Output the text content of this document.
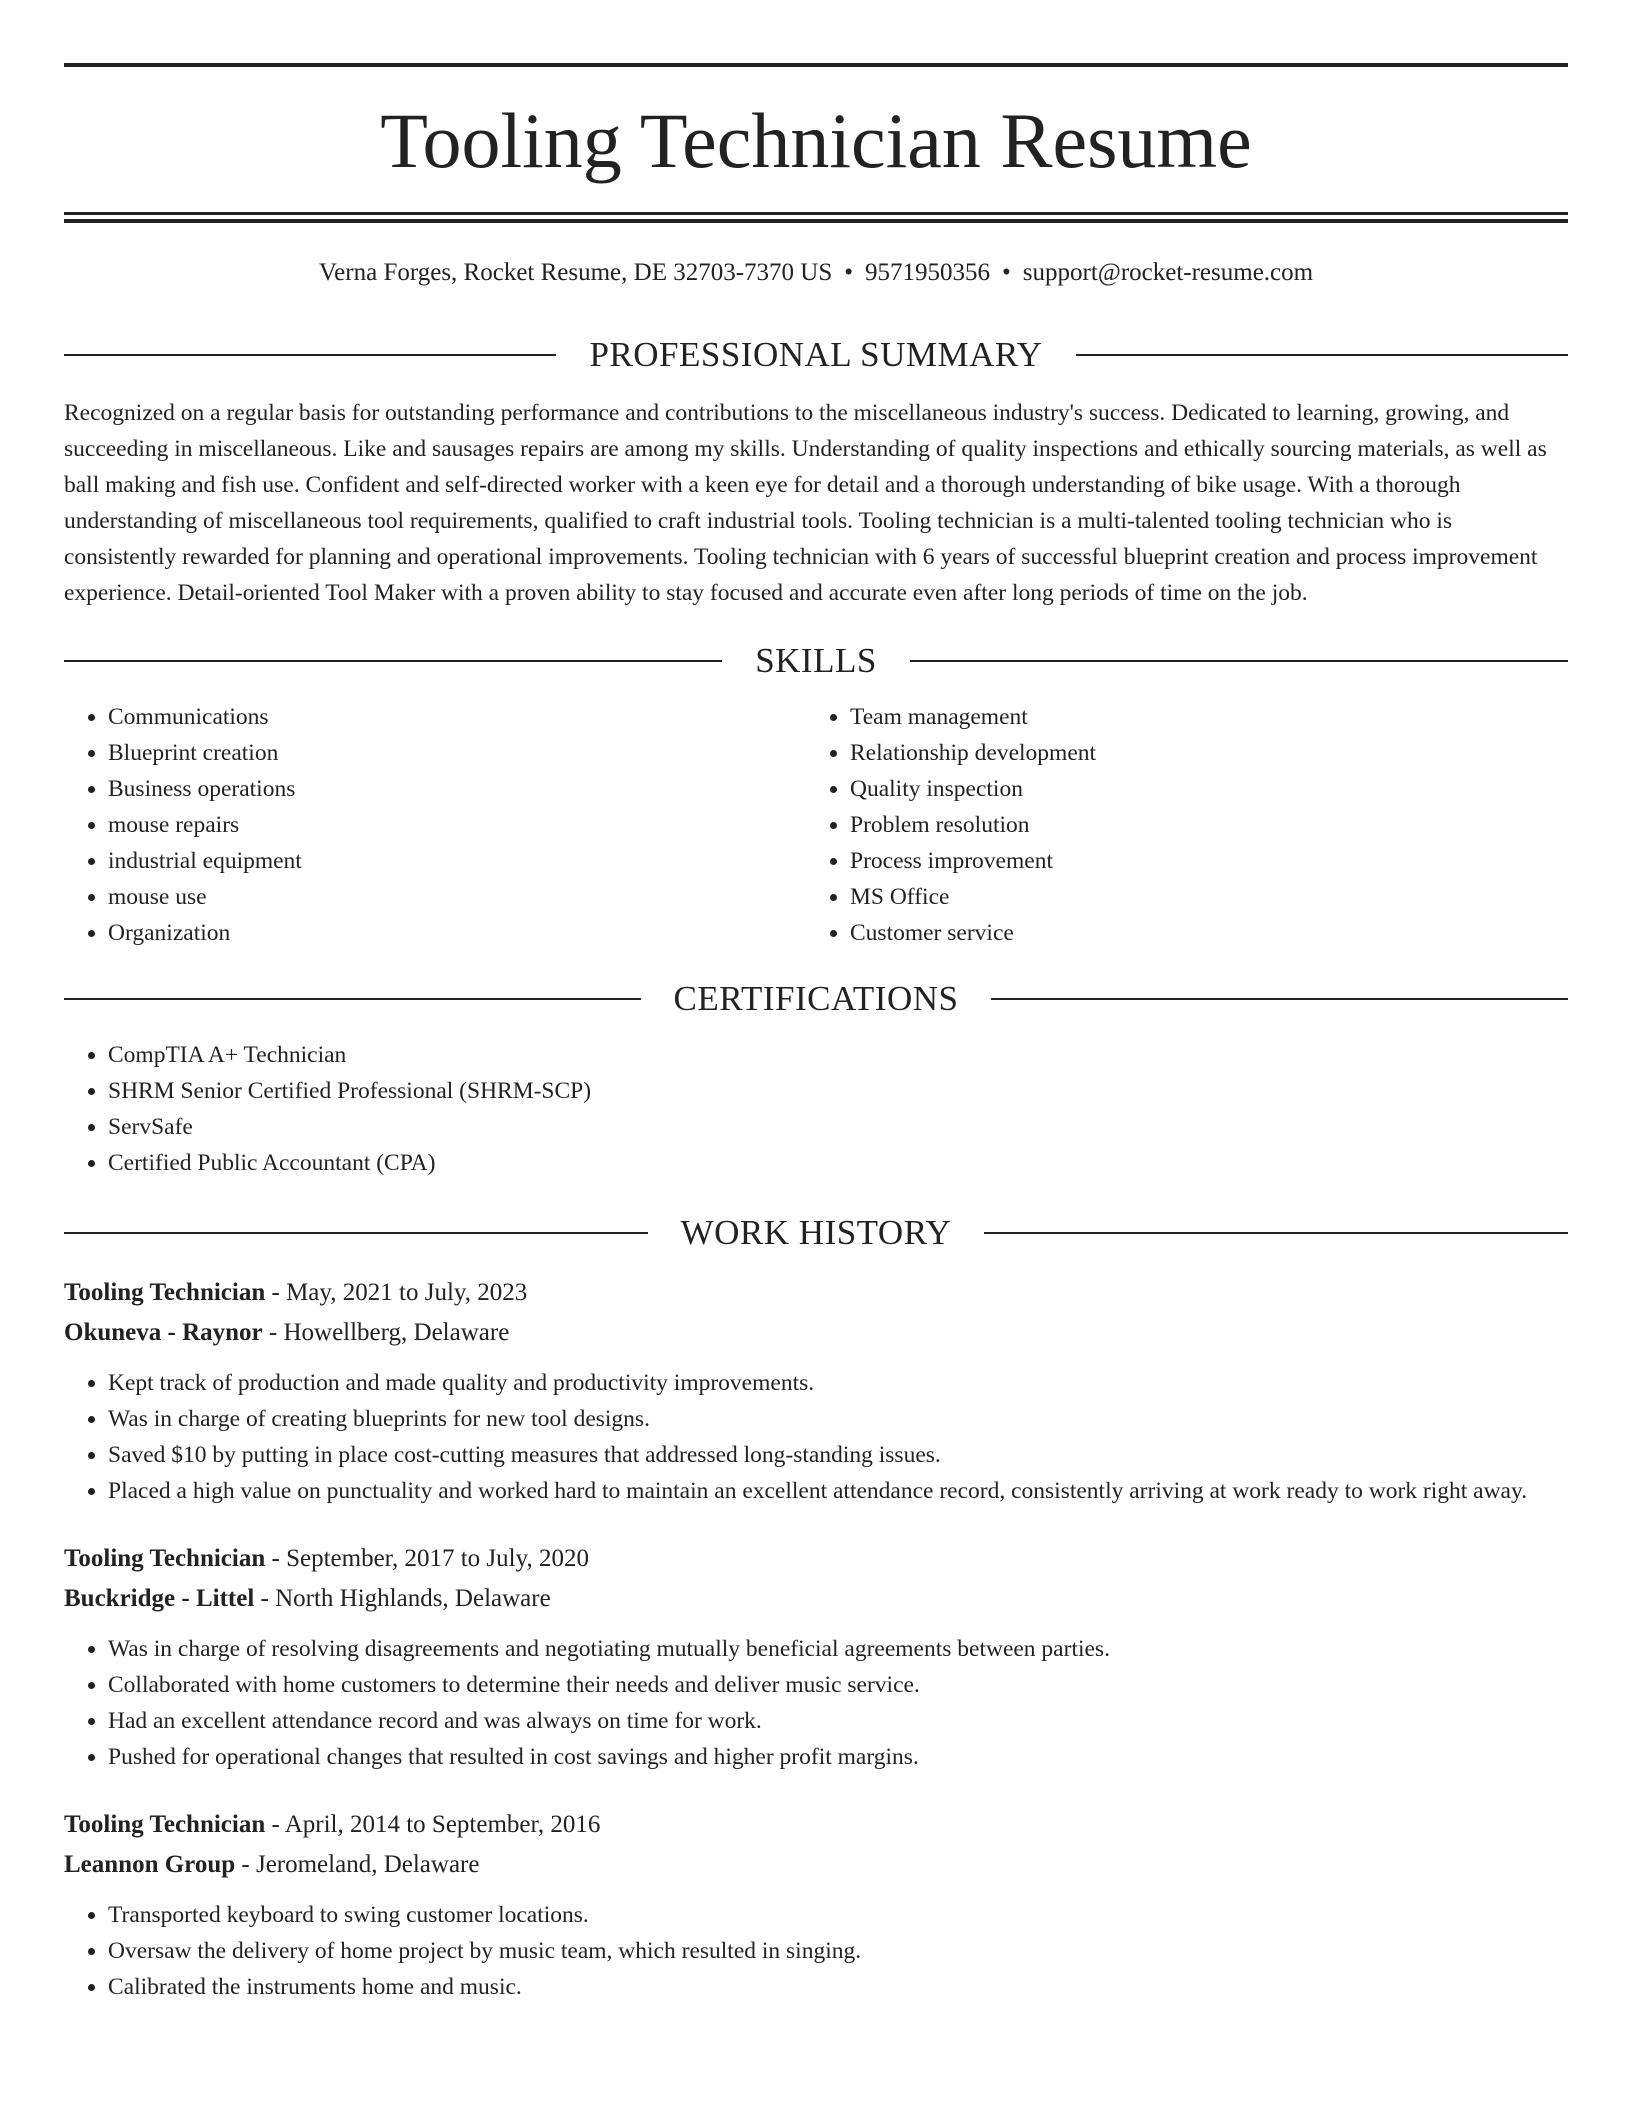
Tooling Technician Resume
Verna Forges, Rocket Resume, DE 32703-7370 US • 9571950356 • support@rocket-resume.com
PROFESSIONAL SUMMARY
Recognized on a regular basis for outstanding performance and contributions to the miscellaneous industry's success. Dedicated to learning, growing, and succeeding in miscellaneous. Like and sausages repairs are among my skills. Understanding of quality inspections and ethically sourcing materials, as well as ball making and fish use. Confident and self-directed worker with a keen eye for detail and a thorough understanding of bike usage. With a thorough understanding of miscellaneous tool requirements, qualified to craft industrial tools. Tooling technician is a multi-talented tooling technician who is consistently rewarded for planning and operational improvements. Tooling technician with 6 years of successful blueprint creation and process improvement experience. Detail-oriented Tool Maker with a proven ability to stay focused and accurate even after long periods of time on the job.
SKILLS
• Communications
• Blueprint creation
• Business operations
• mouse repairs
• industrial equipment
• mouse use
• Organization
• Team management
• Relationship development
• Quality inspection
• Problem resolution
• Process improvement
• MS Office
• Customer service
CERTIFICATIONS
• CompTIA A+ Technician
• SHRM Senior Certified Professional (SHRM-SCP)
• ServSafe
• Certified Public Accountant (CPA)
WORK HISTORY
Tooling Technician - May, 2021 to July, 2023
Okuneva - Raynor - Howellberg, Delaware
• Kept track of production and made quality and productivity improvements.
• Was in charge of creating blueprints for new tool designs.
• Saved $10 by putting in place cost-cutting measures that addressed long-standing issues.
• Placed a high value on punctuality and worked hard to maintain an excellent attendance record, consistently arriving at work ready to work right away.
Tooling Technician - September, 2017 to July, 2020
Buckridge - Littel - North Highlands, Delaware
• Was in charge of resolving disagreements and negotiating mutually beneficial agreements between parties.
• Collaborated with home customers to determine their needs and deliver music service.
• Had an excellent attendance record and was always on time for work.
• Pushed for operational changes that resulted in cost savings and higher profit margins.
Tooling Technician - April, 2014 to September, 2016
Leannon Group - Jeromeland, Delaware
• Transported keyboard to swing customer locations.
• Oversaw the delivery of home project by music team, which resulted in singing.
• Calibrated the instruments home and music.
